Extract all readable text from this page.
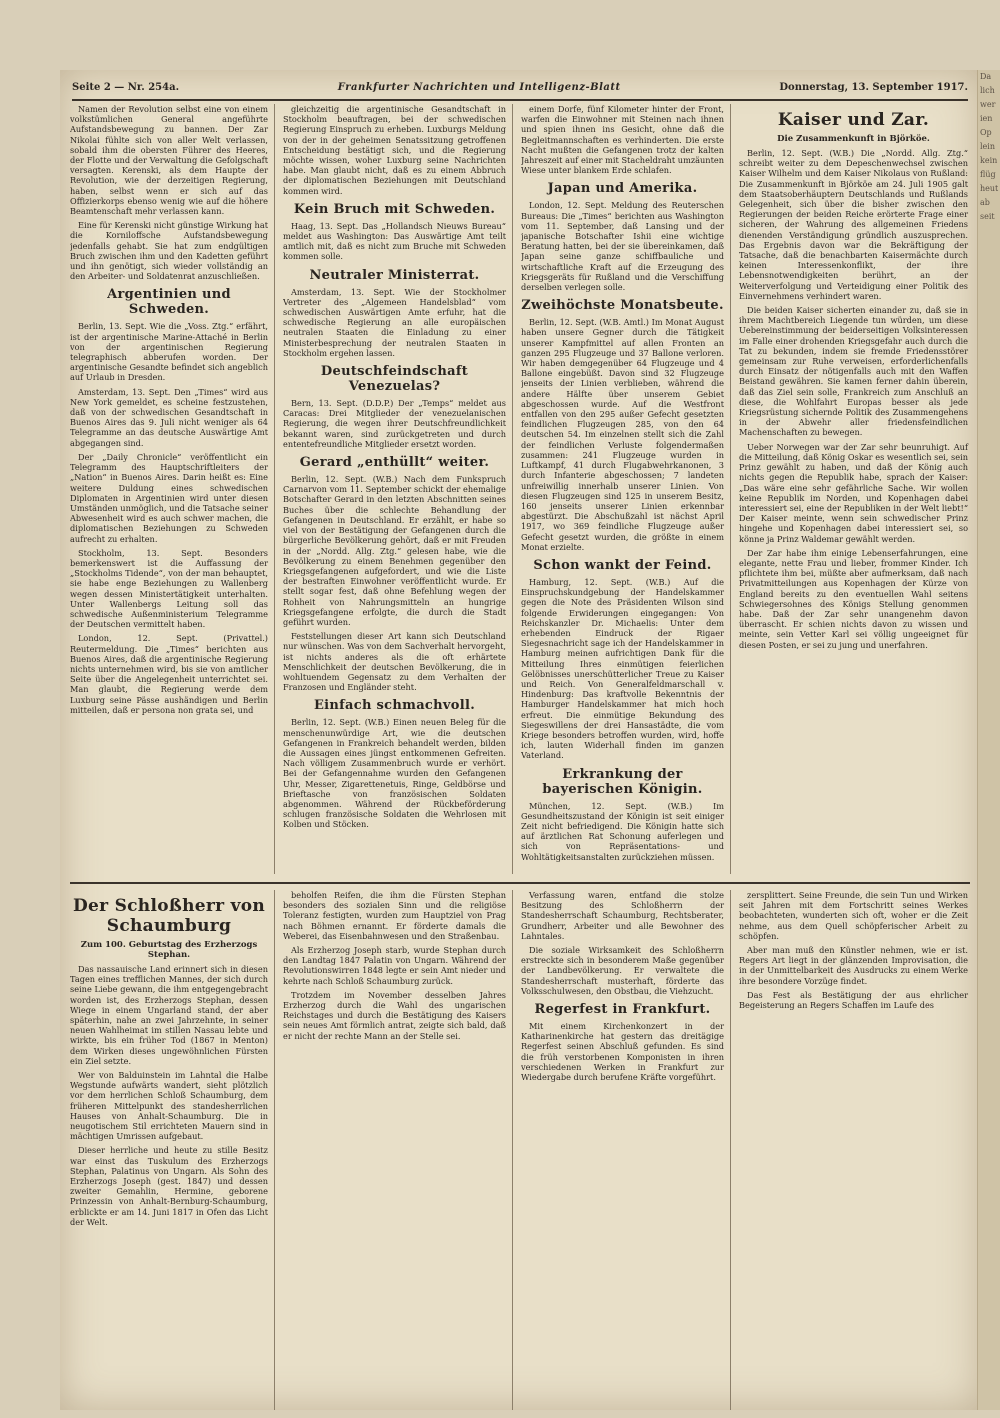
Seite 2 — Nr. 254a.	Frankfurter Nachrichten und Intelligenz-Blatt	Donnerstag, 13. September 1917.

Namen der Revolution selbst eine von einem volkstümlichen General angeführte Aufstandsbewegung zu bannen. Der Zar Nikolai fühlte sich von aller Welt verlassen, sobald ihm die obersten Führer des Heeres, der Flotte und der Verwaltung die Gefolgschaft versagten. Kerenski, als dem Haupte der Revolution, wie der derzeitigen Regierung, haben, selbst wenn er sich auf das Offizierkorps ebenso wenig wie auf die höhere Beamtenschaft mehr verlassen kann.

Eine für Kerenski nicht günstige Wirkung hat die Korniloffsche Aufstandsbewegung jedenfalls gehabt. Sie hat zum endgültigen Bruch zwischen ihm und den Kadetten geführt und ihn genötigt, sich wieder vollständig an den Arbeiter- und Soldatenrat anzuschließen.

Argentinien und Schweden.

Berlin, 13. Sept. Wie die „Voss. Ztg.“ erfährt, ist der argentinische Marine-Attaché in Berlin von der argentinischen Regierung telegraphisch abberufen worden. Der argentinische Gesandte befindet sich angeblich auf Urlaub in Dresden.

Amsterdam, 13. Sept. Den „Times“ wird aus New York gemeldet, es scheine festzustehen, daß von der schwedischen Gesandtschaft in Buenos Aires das 9. Juli nicht weniger als 64 Telegramme an das deutsche Auswärtige Amt abgegangen sind.

Der „Daily Chronicle“ veröffentlicht ein Telegramm des Hauptschriftleiters der „Nation“ in Buenos Aires. Darin heißt es: Eine weitere Duldung eines schwedischen Diplomaten in Argentinien wird unter diesen Umständen unmöglich, und die Tatsache seiner Abwesenheit wird es auch schwer machen, die diplomatischen Beziehungen zu Schweden aufrecht zu erhalten.

Stockholm, 13. Sept. Besonders bemerkenswert ist die Auffassung der „Stockholms Tidende“, von der man behauptet, sie habe enge Beziehungen zu Wallenberg wegen dessen Ministertätigkeit unterhalten. Unter Wallenbergs Leitung soll das schwedische Außenministerium Telegramme der Deutschen vermittelt haben.

London, 12. Sept. (Privattel.) Reutermeldung. Die „Times“ berichten aus Buenos Aires, daß die argentinische Regierung nichts unternehmen wird, bis sie von amtlicher Seite über die Angelegenheit unterrichtet sei. Man glaubt, die Regierung werde dem Luxburg seine Pässe aushändigen und Berlin mitteilen, daß er persona non grata sei, und

gleichzeitig die argentinische Gesandtschaft in Stockholm beauftragen, bei der schwedischen Regierung Einspruch zu erheben. Luxburgs Meldung von der in der geheimen Senatssitzung getroffenen Entscheidung bestätigt sich, und die Regierung möchte wissen, woher Luxburg seine Nachrichten habe. Man glaubt nicht, daß es zu einem Abbruch der diplomatischen Beziehungen mit Deutschland kommen wird.

Kein Bruch mit Schweden.

Haag, 13. Sept. Das „Hollandsch Nieuws Bureau“ meldet aus Washington: Das Auswärtige Amt teilt amtlich mit, daß es nicht zum Bruche mit Schweden kommen solle.

Neutraler Ministerrat.

Amsterdam, 13. Sept. Wie der Stockholmer Vertreter des „Algemeen Handelsblad“ vom schwedischen Auswärtigen Amte erfuhr, hat die schwedische Regierung an alle europäischen neutralen Staaten die Einladung zu einer Ministerbesprechung der neutralen Staaten in Stockholm ergehen lassen.

Deutschfeindschaft Venezuelas?

Bern, 13. Sept. (D.D.P.) Der „Temps“ meldet aus Caracas: Drei Mitglieder der venezuelanischen Regierung, die wegen ihrer Deutschfreundlichkeit bekannt waren, sind zurückgetreten und durch ententefreundliche Mitglieder ersetzt worden.

Gerard „enthüllt“ weiter.

Berlin, 12. Sept. (W.B.) Nach dem Funkspruch Carnarvon vom 11. September schickt der ehemalige Botschafter Gerard in den letzten Abschnitten seines Buches über die schlechte Behandlung der Gefangenen in Deutschland. Er erzählt, er habe so viel von der Bestätigung der Gefangenen durch die bürgerliche Bevölkerung gehört, daß er mit Freuden in der „Nordd. Allg. Ztg.“ gelesen habe, wie die Bevölkerung zu einem Benehmen gegenüber den Kriegsgefangenen aufgefordert, und wie die Liste der bestraften Einwohner veröffentlicht wurde. Er stellt sogar fest, daß ohne Befehlung wegen der Rohheit von Nahrungsmitteln an hungrige Kriegsgefangene erfolgte, die durch die Stadt geführt wurden.

Feststellungen dieser Art kann sich Deutschland nur wünschen. Was von dem Sachverhalt hervorgeht, ist nichts anderes als die oft erhärtete Menschlichkeit der deutschen Bevölkerung, die in wohltuendem Gegensatz zu dem Verhalten der Franzosen und Engländer steht.

Einfach schmachvoll.

Berlin, 12. Sept. (W.B.) Einen neuen Beleg für die menschenunwürdige Art, wie die deutschen Gefangenen in Frankreich behandelt werden, bilden die Aussagen eines jüngst entkommenen Gefreiten. Nach völligem Zusammenbruch wurde er verhört. Bei der Gefangennahme wurden den Gefangenen Uhr, Messer, Zigarettenetuis, Ringe, Geldbörse und Brieftasche von französischen Soldaten abgenommen. Während der Rückbeförderung schlugen französische Soldaten die Wehrlosen mit Kolben und Stöcken.

einem Dorfe, fünf Kilometer hinter der Front, warfen die Einwohner mit Steinen nach ihnen und spien ihnen ins Gesicht, ohne daß die Begleitmannschaften es verhinderten. Die erste Nacht mußten die Gefangenen trotz der kalten Jahreszeit auf einer mit Stacheldraht umzäunten Wiese unter blankem Erde schlafen.

Japan und Amerika.

London, 12. Sept. Meldung des Reuterschen Bureaus: Die „Times“ berichten aus Washington vom 11. September, daß Lansing und der japanische Botschafter Ishii eine wichtige Beratung hatten, bei der sie übereinkamen, daß Japan seine ganze schiffbauliche und wirtschaftliche Kraft auf die Erzeugung des Kriegsgeräts für Rußland und die Verschiffung derselben verlegen solle.

Zweihöchste Monatsbeute.

Berlin, 12. Sept. (W.B. Amtl.) Im Monat August haben unsere Gegner durch die Tätigkeit unserer Kampfmittel auf allen Fronten an ganzen 295 Flugzeuge und 37 Ballone verloren. Wir haben demgegenüber 64 Flugzeuge und 4 Ballone eingebüßt. Davon sind 32 Flugzeuge jenseits der Linien verblieben, während die andere Hälfte über unserem Gebiet abgeschossen wurde. Auf die Westfront entfallen von den 295 außer Gefecht gesetzten feindlichen Flugzeugen 285, von den 64 deutschen 54. Im einzelnen stellt sich die Zahl der feindlichen Verluste folgendermaßen zusammen: 241 Flugzeuge wurden in Luftkampf, 41 durch Flugabwehrkanonen, 3 durch Infanterie abgeschossen; 7 landeten unfreiwillig innerhalb unserer Linien. Von diesen Flugzeugen sind 125 in unserem Besitz, 160 jenseits unserer Linien erkennbar abgestürzt. Die Abschußzahl ist nächst April 1917, wo 369 feindliche Flugzeuge außer Gefecht gesetzt wurden, die größte in einem Monat erzielte.

Schon wankt der Feind.

Hamburg, 12. Sept. (W.B.) Auf die Einspruchskundgebung der Handelskammer gegen die Note des Präsidenten Wilson sind folgende Erwiderungen eingegangen: Von Reichskanzler Dr. Michaelis: Unter dem erhebenden Eindruck der Rigaer Siegesnachricht sage ich der Handelskammer in Hamburg meinen aufrichtigen Dank für die Mitteilung Ihres einmütigen feierlichen Gelöbnisses unerschütterlicher Treue zu Kaiser und Reich. Von Generalfeldmarschall v. Hindenburg: Das kraftvolle Bekenntnis der Hamburger Handelskammer hat mich hoch erfreut. Die einmütige Bekundung des Siegeswillens der drei Hansastädte, die vom Kriege besonders betroffen wurden, wird, hoffe ich, lauten Widerhall finden im ganzen Vaterland.

Erkrankung der bayerischen Königin.

München, 12. Sept. (W.B.) Im Gesundheitszustand der Königin ist seit einiger Zeit nicht befriedigend. Die Königin hatte sich auf ärztlichen Rat Schonung auferlegen und sich von Repräsentations- und Wohltätigkeitsanstalten zurückziehen müssen.

Kaiser und Zar.
Die Zusammenkunft in Björköe.

Berlin, 12. Sept. (W.B.) Die „Nordd. Allg. Ztg.“ schreibt weiter zu dem Depeschenwechsel zwischen Kaiser Wilhelm und dem Kaiser Nikolaus von Rußland: Die Zusammenkunft in Björköe am 24. Juli 1905 galt dem Staatsoberhäuptern Deutschlands und Rußlands Gelegenheit, sich über die bisher zwischen den Regierungen der beiden Reiche erörterte Frage einer sicheren, der Wahrung des allgemeinen Friedens dienenden Verständigung gründlich auszusprechen. Das Ergebnis davon war die Bekräftigung der Tatsache, daß die benachbarten Kaisermächte durch keinen Interessenkonflikt, der ihre Lebensnotwendigkeiten berührt, an der Weiterverfolgung und Verteidigung einer Politik des Einvernehmens verhindert waren.

Die beiden Kaiser sicherten einander zu, daß sie in ihrem Machtbereich Liegende tun würden, um diese Uebereinstimmung der beiderseitigen Volksinteressen im Falle einer drohenden Kriegsgefahr auch durch die Tat zu bekunden, indem sie fremde Friedensstörer gemeinsam zur Ruhe verweisen, erforderlichenfalls durch Einsatz der nötigenfalls auch mit den Waffen Beistand gewähren. Sie kamen ferner dahin überein, daß das Ziel sein solle, Frankreich zum Anschluß an diese, die Wohlfahrt Europas besser als jede Kriegsrüstung sichernde Politik des Zusammengehens in der Abwehr aller friedensfeindlichen Machenschaften zu bewegen.

Ueber Norwegen war der Zar sehr beunruhigt. Auf die Mitteilung, daß König Oskar es wesentlich sei, sein Prinz gewählt zu haben, und daß der König auch nichts gegen die Republik habe, sprach der Kaiser: „Das wäre eine sehr gefährliche Sache. Wir wollen keine Republik im Norden, und Kopenhagen dabei interessiert sei, eine der Republiken in der Welt liebt!“ Der Kaiser meinte, wenn sein schwedischer Prinz hingehe und Kopenhagen dabei interessiert sei, so könne ja Prinz Waldemar gewählt werden.

Der Zar habe ihm einige Lebenserfahrungen, eine elegante, nette Frau und lieber, frommer Kinder. Ich pflichtete ihm bei, müßte aber aufmerksam, daß nach Privatmitteilungen aus Kopenhagen der Kürze von England bereits zu den eventuellen Wahl seitens Schwiegersohnes des Königs Stellung genommen habe. Daß der Zar sehr unangenehm davon überrascht. Er schien nichts davon zu wissen und meinte, sein Vetter Karl sei völlig ungeeignet für diesen Posten, er sei zu jung und unerfahren.

Der Schloßherr von Schaumburg
Zum 100. Geburtstag des Erzherzogs Stephan.

Das nassauische Land erinnert sich in diesen Tagen eines trefflichen Mannes, der sich durch seine Liebe gewann, die ihm entgegengebracht worden ist, des Erzherzogs Stephan, dessen Wiege in einem Ungarland stand, der aber späterhin, nahe an zwei Jahrzehnte, in seiner neuen Wahlheimat im stillen Nassau lebte und wirkte, bis ein früher Tod (1867 in Menton) dem Wirken dieses ungewöhnlichen Fürsten ein Ziel setzte.

Wer von Balduinstein im Lahntal die Halbe Wegstunde aufwärts wandert, sieht plötzlich vor dem herrlichen Schloß Schaumburg, dem früheren Mittelpunkt des standesherrlichen Hauses von Anhalt-Schaumburg. Die in neugotischem Stil errichteten Mauern sind in mächtigen Umrissen aufgebaut.

Dieser herrliche und heute zu stille Besitz war einst das Tuskulum des Erzherzogs Stephan, Palatinus von Ungarn. Als Sohn des Erzherzogs Joseph (gest. 1847) und dessen zweiter Gemahlin, Hermine, geborene Prinzessin von Anhalt-Bernburg-Schaumburg, erblickte er am 14. Juni 1817 in Ofen das Licht der Welt.

beholfen Reifen, die ihm die Fürsten Stephan besonders des sozialen Sinn und die religiöse Toleranz festigten, wurden zum Hauptziel von Prag nach Böhmen ernannt. Er förderte damals die Weberei, das Eisenbahnwesen und den Straßenbau.

Als Erzherzog Joseph starb, wurde Stephan durch den Landtag 1847 Palatin von Ungarn. Während der Revolutionswirren 1848 legte er sein Amt nieder und kehrte nach Schloß Schaumburg zurück.

Trotzdem im November desselben Jahres Erzherzog durch die Wahl des ungarischen Reichstages und durch die Bestätigung des Kaisers sein neues Amt förmlich antrat, zeigte sich bald, daß er nicht der rechte Mann an der Stelle sei.

Verfassung waren, entfand die stolze Besitzung des Schloßherrn der Standesherrschaft Schaumburg, Rechtsberater, Grundherr, Arbeiter und alle Bewohner des Lahntales.

Die soziale Wirksamkeit des Schloßherrn erstreckte sich in besonderem Maße gegenüber der Landbevölkerung. Er verwaltete die Standesherrschaft musterhaft, förderte das Volksschulwesen, den Obstbau, die Viehzucht.

Regerfest in Frankfurt.

Mit einem Kirchenkonzert in der Katharinenkirche hat gestern das dreitägige Regerfest seinen Abschluß gefunden. Es sind die früh verstorbenen Komponisten in ihren verschiedenen Werken in Frankfurt zur Wiedergabe durch berufene Kräfte vorgeführt.

zersplittert. Seine Freunde, die sein Tun und Wirken seit Jahren mit dem Fortschritt seines Werkes beobachteten, wunderten sich oft, woher er die Zeit nehme, aus dem Quell schöpferischer Arbeit zu schöpfen.

Aber man muß den Künstler nehmen, wie er ist. Regers Art liegt in der glänzenden Improvisation, die in der Unmittelbarkeit des Ausdrucks zu einem Werke ihre besondere Vorzüge findet.

Das Fest als Bestätigung der aus ehrlicher Begeisterung an Regers Schaffen im Laufe des

Da
lich
wer
ien
Op
lein
kein
flüg
heut
ab
seit
